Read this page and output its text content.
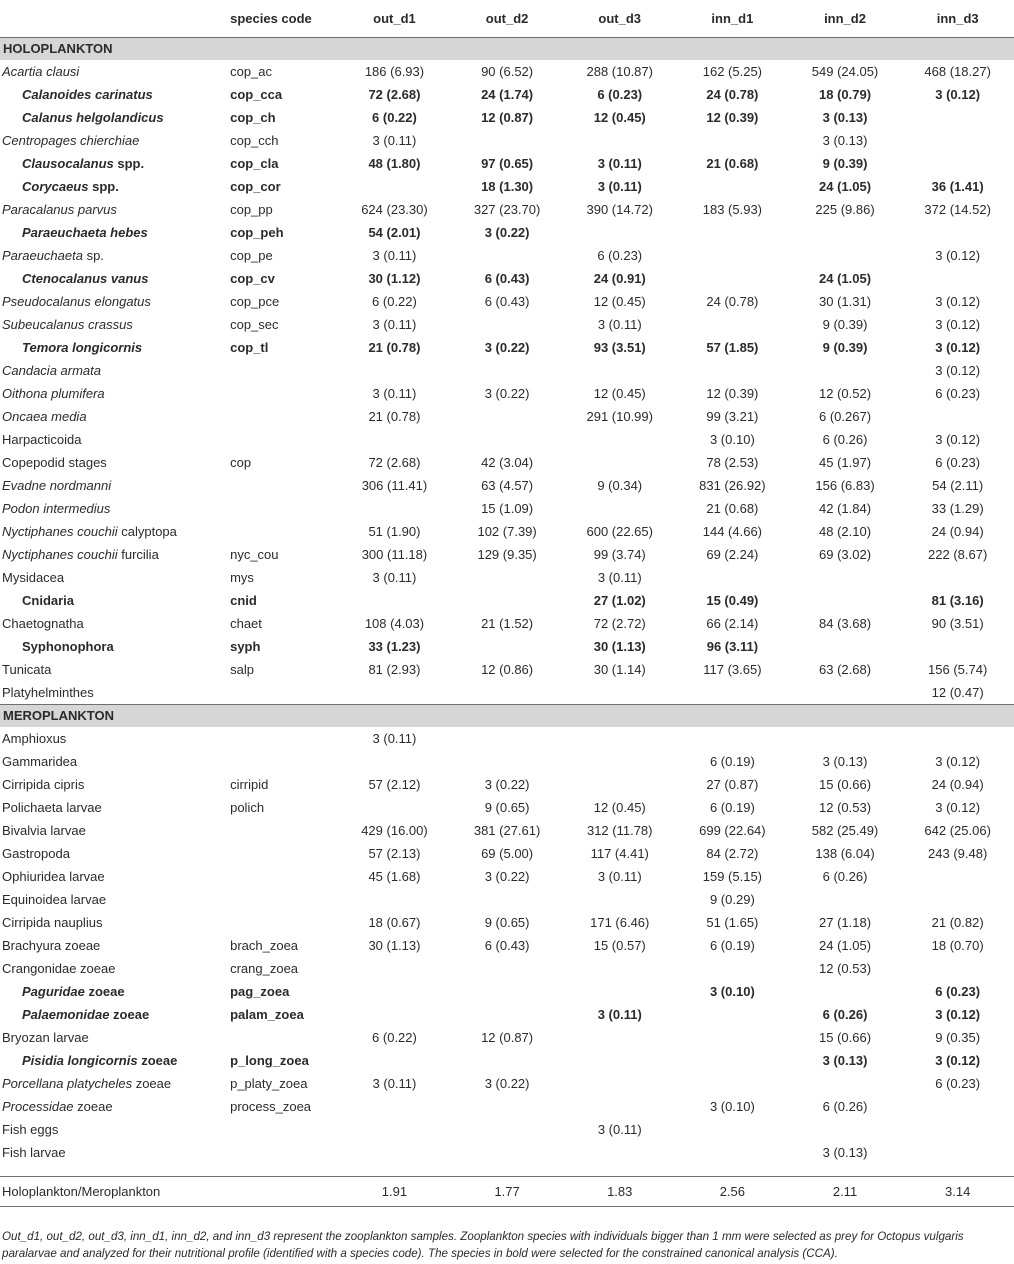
	species code	out_d1	out_d2	out_d3	inn_d1	inn_d2	inn_d3
HOLOPLANKTON							
Acartia clausi	cop_ac	186 (6.93)	90 (6.52)	288 (10.87)	162 (5.25)	549 (24.05)	468 (18.27)
Calanoides carinatus	cop_cca	72 (2.68)	24 (1.74)	6 (0.23)	24 (0.78)	18 (0.79)	3 (0.12)
Calanus helgolandicus	cop_ch	6 (0.22)	12 (0.87)	12 (0.45)	12 (0.39)	3 (0.13)	
Centropages chierchiae	cop_cch	3 (0.11)				3 (0.13)	
Clausocalanus spp.	cop_cla	48 (1.80)	97 (0.65)	3 (0.11)	21 (0.68)	9 (0.39)	
Corycaeus spp.	cop_cor		18 (1.30)	3 (0.11)		24 (1.05)	36 (1.41)
Paracalanus parvus	cop_pp	624 (23.30)	327 (23.70)	390 (14.72)	183 (5.93)	225 (9.86)	372 (14.52)
Paraeuchaeta hebes	cop_peh	54 (2.01)	3 (0.22)				
Paraeuchaeta sp.	cop_pe	3 (0.11)		6 (0.23)			3 (0.12)
Ctenocalanus vanus	cop_cv	30 (1.12)	6 (0.43)	24 (0.91)		24 (1.05)	
Pseudocalanus elongatus	cop_pce	6 (0.22)	6 (0.43)	12 (0.45)	24 (0.78)	30 (1.31)	3 (0.12)
Subeucalanus crassus	cop_sec	3 (0.11)		3 (0.11)		9 (0.39)	3 (0.12)
Temora longicornis	cop_tl	21 (0.78)	3 (0.22)	93 (3.51)	57 (1.85)	9 (0.39)	3 (0.12)
Candacia armata							3 (0.12)
Oithona plumifera		3 (0.11)	3 (0.22)	12 (0.45)	12 (0.39)	12 (0.52)	6 (0.23)
Oncaea media		21 (0.78)		291 (10.99)	99 (3.21)	6 (0.267)	
Harpacticoida					3 (0.10)	6 (0.26)	3 (0.12)
Copepodid stages	cop	72 (2.68)	42 (3.04)		78 (2.53)	45 (1.97)	6 (0.23)
Evadne nordmanni		306 (11.41)	63 (4.57)	9 (0.34)	831 (26.92)	156 (6.83)	54 (2.11)
Podon intermedius			15 (1.09)		21 (0.68)	42 (1.84)	33 (1.29)
Nyctiphanes couchii calyptopa		51 (1.90)	102 (7.39)	600 (22.65)	144 (4.66)	48 (2.10)	24 (0.94)
Nyctiphanes couchii furcilia	nyc_cou	300 (11.18)	129 (9.35)	99 (3.74)	69 (2.24)	69 (3.02)	222 (8.67)
Mysidacea	mys	3 (0.11)		3 (0.11)			
Cnidaria	cnid			27 (1.02)	15 (0.49)		81 (3.16)
Chaetognatha	chaet	108 (4.03)	21 (1.52)	72 (2.72)	66 (2.14)	84 (3.68)	90 (3.51)
Syphonophora	syph	33 (1.23)		30 (1.13)	96 (3.11)		
Tunicata	salp	81 (2.93)	12 (0.86)	30 (1.14)	117 (3.65)	63 (2.68)	156 (5.74)
Platyhelminthes							12 (0.47)
MEROPLANKTON							
Amphioxus		3 (0.11)					
Gammaridea					6 (0.19)	3 (0.13)	3 (0.12)
Cirripida cipris	cirripid	57 (2.12)	3 (0.22)		27 (0.87)	15 (0.66)	24 (0.94)
Polichaeta larvae	polich		9 (0.65)	12 (0.45)	6 (0.19)	12 (0.53)	3 (0.12)
Bivalvia larvae		429 (16.00)	381 (27.61)	312 (11.78)	699 (22.64)	582 (25.49)	642 (25.06)
Gastropoda		57 (2.13)	69 (5.00)	117 (4.41)	84 (2.72)	138 (6.04)	243 (9.48)
Ophiuridea larvae		45 (1.68)	3 (0.22)	3 (0.11)	159 (5.15)	6 (0.26)	
Equinoidea larvae					9 (0.29)		
Cirripida nauplius		18 (0.67)	9 (0.65)	171 (6.46)	51 (1.65)	27 (1.18)	21 (0.82)
Brachyura zoeae	brach_zoea	30 (1.13)	6 (0.43)	15 (0.57)	6 (0.19)	24 (1.05)	18 (0.70)
Crangonidae zoeae	crang_zoea					12 (0.53)	
Paguridae zoeae	pag_zoea				3 (0.10)		6 (0.23)
Palaemonidae zoeae	palam_zoea			3 (0.11)		6 (0.26)	3 (0.12)
Bryozan larvae		6 (0.22)	12 (0.87)			15 (0.66)	9 (0.35)
Pisidia longicornis zoeae	p_long_zoea					3 (0.13)	3 (0.12)
Porcellana platycheles zoeae	p_platy_zoea	3 (0.11)	3 (0.22)				6 (0.23)
Processidae zoeae	process_zoea				3 (0.10)	6 (0.26)	
Fish eggs				3 (0.11)			
Fish larvae						3 (0.13)	

Holoplankton/Meroplankton		1.91	1.77	1.83	2.56	2.11	3.14
Out_d1, out_d2, out_d3, inn_d1, inn_d2, and inn_d3 represent the zooplankton samples. Zooplankton species with individuals bigger than 1 mm were selected as prey for Octopus vulgaris paralarvae and analyzed for their nutritional profile (identified with a species code). The species in bold were selected for the constrained canonical analysis (CCA).
